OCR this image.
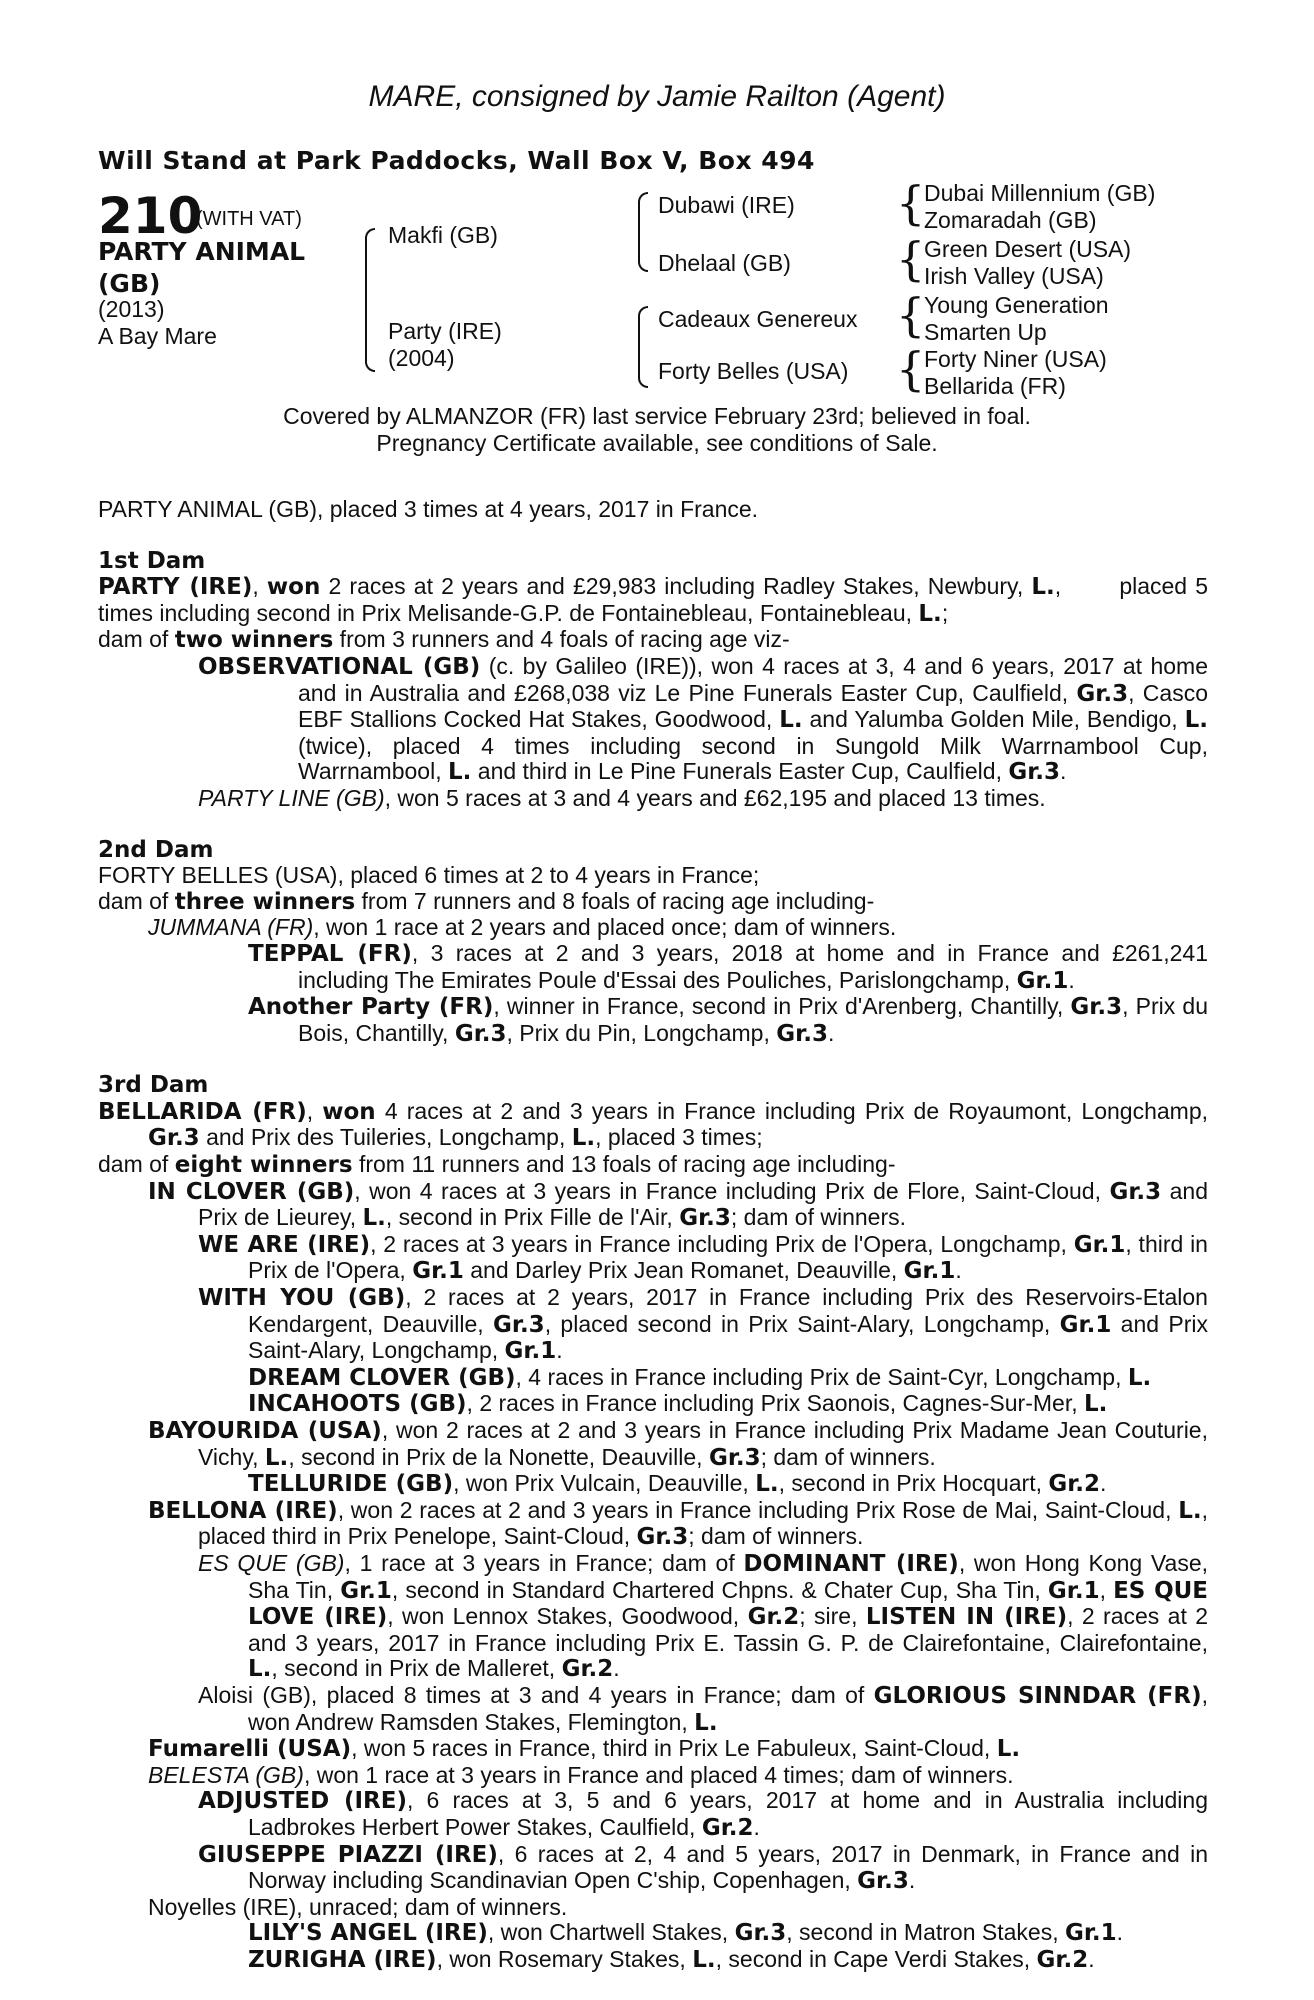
MARE, consigned by Jamie Railton (Agent)
Will Stand at Park Paddocks, Wall Box V, Box 494
210
(WITH VAT)
PARTY ANIMAL
(GB)
(2013)
A Bay Mare
Makfi (GB)
Party (IRE)
(2004)
Dubawi (IRE)
Dhelaal (GB)
Cadeaux Genereux
Forty Belles (USA)
{
Dubai Millennium (GB)
Zomaradah (GB)
{
Green Desert (USA)
Irish Valley (USA)
{
Young Generation
Smarten Up
{
Forty Niner (USA)
Bellarida (FR)
Covered by ALMANZOR (FR) last service February 23rd; believed in foal.
Pregnancy Certificate available, see conditions of Sale.

PARTY ANIMAL (GB), placed 3 times at 4 years, 2017 in France.

1st Dam

PARTY (IRE), won 2 races at 2 years and £29,983 including Radley Stakes, Newbury, L., placed 5 times including second in Prix Melisande-G.P. de Fontainebleau, Fontainebleau, L.;

dam of two winners from 3 runners and 4 foals of racing age viz-

OBSERVATIONAL (GB) (c. by Galileo (IRE)), won 4 races at 3, 4 and 6 years, 2017 at home and in Australia and £268,038 viz Le Pine Funerals Easter Cup, Caulfield, Gr.3, Casco EBF Stallions Cocked Hat Stakes, Goodwood, L. and Yalumba Golden Mile, Bendigo, L. (twice), placed 4 times including second in Sungold Milk Warrnambool Cup, Warrnambool, L. and third in Le Pine Funerals Easter Cup, Caulfield, Gr.3.

PARTY LINE (GB), won 5 races at 3 and 4 years and £62,195 and placed 13 times.

2nd Dam

FORTY BELLES (USA), placed 6 times at 2 to 4 years in France;

dam of three winners from 7 runners and 8 foals of racing age including-

JUMMANA (FR), won 1 race at 2 years and placed once; dam of winners.

TEPPAL (FR), 3 races at 2 and 3 years, 2018 at home and in France and £261,241 including The Emirates Poule d'Essai des Pouliches, Parislongchamp, Gr.1.

Another Party (FR), winner in France, second in Prix d'Arenberg, Chantilly, Gr.3, Prix du Bois, Chantilly, Gr.3, Prix du Pin, Longchamp, Gr.3.

3rd Dam

BELLARIDA (FR), won 4 races at 2 and 3 years in France including Prix de Royaumont, Longchamp, Gr.3 and Prix des Tuileries, Longchamp, L., placed 3 times;

dam of eight winners from 11 runners and 13 foals of racing age including-

IN CLOVER (GB), won 4 races at 3 years in France including Prix de Flore, Saint-Cloud, Gr.3 and Prix de Lieurey, L., second in Prix Fille de l'Air, Gr.3; dam of winners.

WE ARE (IRE), 2 races at 3 years in France including Prix de l'Opera, Longchamp, Gr.1, third in Prix de l'Opera, Gr.1 and Darley Prix Jean Romanet, Deauville, Gr.1.

WITH YOU (GB), 2 races at 2 years, 2017 in France including Prix des Reservoirs-Etalon Kendargent, Deauville, Gr.3, placed second in Prix Saint-Alary, Longchamp, Gr.1 and Prix Saint-Alary, Longchamp, Gr.1.

DREAM CLOVER (GB), 4 races in France including Prix de Saint-Cyr, Longchamp, L.

INCAHOOTS (GB), 2 races in France including Prix Saonois, Cagnes-Sur-Mer, L.

BAYOURIDA (USA), won 2 races at 2 and 3 years in France including Prix Madame Jean Couturie, Vichy, L., second in Prix de la Nonette, Deauville, Gr.3; dam of winners.

TELLURIDE (GB), won Prix Vulcain, Deauville, L., second in Prix Hocquart, Gr.2.

BELLONA (IRE), won 2 races at 2 and 3 years in France including Prix Rose de Mai, Saint-Cloud, L., placed third in Prix Penelope, Saint-Cloud, Gr.3; dam of winners.

ES QUE (GB), 1 race at 3 years in France; dam of DOMINANT (IRE), won Hong Kong Vase, Sha Tin, Gr.1, second in Standard Chartered Chpns. & Chater Cup, Sha Tin, Gr.1, ES QUE LOVE (IRE), won Lennox Stakes, Goodwood, Gr.2; sire, LISTEN IN (IRE), 2 races at 2 and 3 years, 2017 in France including Prix E. Tassin G. P. de Clairefontaine, Clairefontaine, L., second in Prix de Malleret, Gr.2.

Aloisi (GB), placed 8 times at 3 and 4 years in France; dam of GLORIOUS SINNDAR (FR), won Andrew Ramsden Stakes, Flemington, L.

Fumarelli (USA), won 5 races in France, third in Prix Le Fabuleux, Saint-Cloud, L.

BELESTA (GB), won 1 race at 3 years in France and placed 4 times; dam of winners.

ADJUSTED (IRE), 6 races at 3, 5 and 6 years, 2017 at home and in Australia including Ladbrokes Herbert Power Stakes, Caulfield, Gr.2.

GIUSEPPE PIAZZI (IRE), 6 races at 2, 4 and 5 years, 2017 in Denmark, in France and in Norway including Scandinavian Open C'ship, Copenhagen, Gr.3.

Noyelles (IRE), unraced; dam of winners.

LILY'S ANGEL (IRE), won Chartwell Stakes, Gr.3, second in Matron Stakes, Gr.1.

ZURIGHA (IRE), won Rosemary Stakes, L., second in Cape Verdi Stakes, Gr.2.
